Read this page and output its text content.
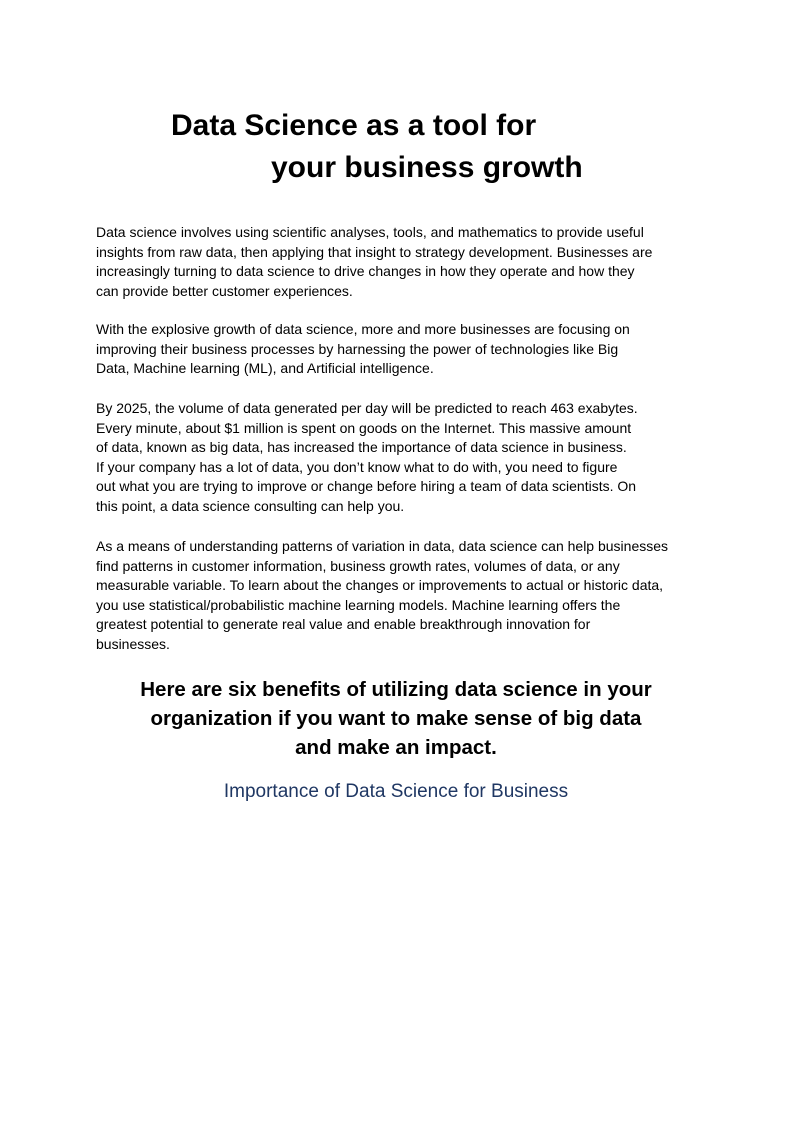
Data Science as a tool for
your business growth
Data science involves using scientific analyses, tools, and mathematics to provide useful
insights from raw data, then applying that insight to strategy development. Businesses are
increasingly turning to data science to drive changes in how they operate and how they
can provide better customer experiences.
With the explosive growth of data science, more and more businesses are focusing on
improving their business processes by harnessing the power of technologies like Big
Data, Machine learning (ML), and Artificial intelligence.
By 2025, the volume of data generated per day will be predicted to reach 463 exabytes.
Every minute, about $1 million is spent on goods on the Internet. This massive amount
of data, known as big data, has increased the importance of data science in business.
If your company has a lot of data, you don’t know what to do with, you need to figure
out what you are trying to improve or change before hiring a team of data scientists. On
this point, a data science consulting can help you.
As a means of understanding patterns of variation in data, data science can help businesses
find patterns in customer information, business growth rates, volumes of data, or any
measurable variable. To learn about the changes or improvements to actual or historic data,
you use statistical/probabilistic machine learning models. Machine learning offers the
greatest potential to generate real value and enable breakthrough innovation for
businesses.
Here are six benefits of utilizing data science in your
organization if you want to make sense of big data
and make an impact.
Importance of Data Science for Business
